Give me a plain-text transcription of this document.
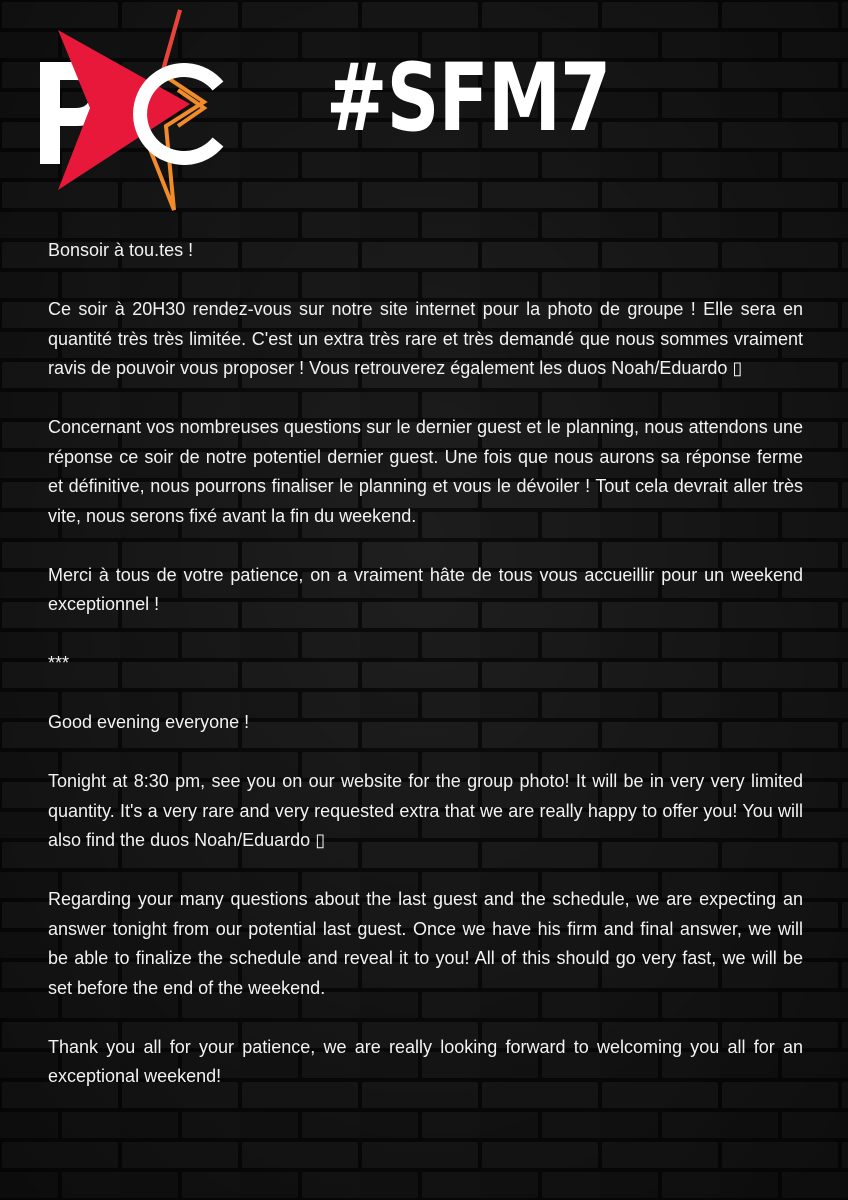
#SFM7

Bonsoir à tou.tes !

Ce soir à 20H30 rendez-vous sur notre site internet pour la photo de groupe ! Elle sera en quantité très très limitée. C'est un extra très rare et très demandé que nous sommes vraiment ravis de pouvoir vous proposer ! Vous retrouverez également les duos Noah/Eduardo ▯

Concernant vos nombreuses questions sur le dernier guest et le planning, nous attendons une réponse ce soir de notre potentiel dernier guest. Une fois que nous aurons sa réponse ferme et définitive, nous pourrons finaliser le planning et vous le dévoiler ! Tout cela devrait aller très vite, nous serons fixé avant la fin du weekend.

Merci à tous de votre patience, on a vraiment hâte de tous vous accueillir pour un weekend exceptionnel !

***

Good evening everyone !

Tonight at 8:30 pm, see you on our website for the group photo! It will be in very very limited quantity. It's a very rare and very requested extra that we are really happy to offer you! You will also find the duos Noah/Eduardo ▯

Regarding your many questions about the last guest and the schedule, we are expecting an answer tonight from our potential last guest. Once we have his firm and final answer, we will be able to finalize the schedule and reveal it to you! All of this should go very fast, we will be set before the end of the weekend.

Thank you all for your patience, we are really looking forward to welcoming you all for an exceptional weekend!
